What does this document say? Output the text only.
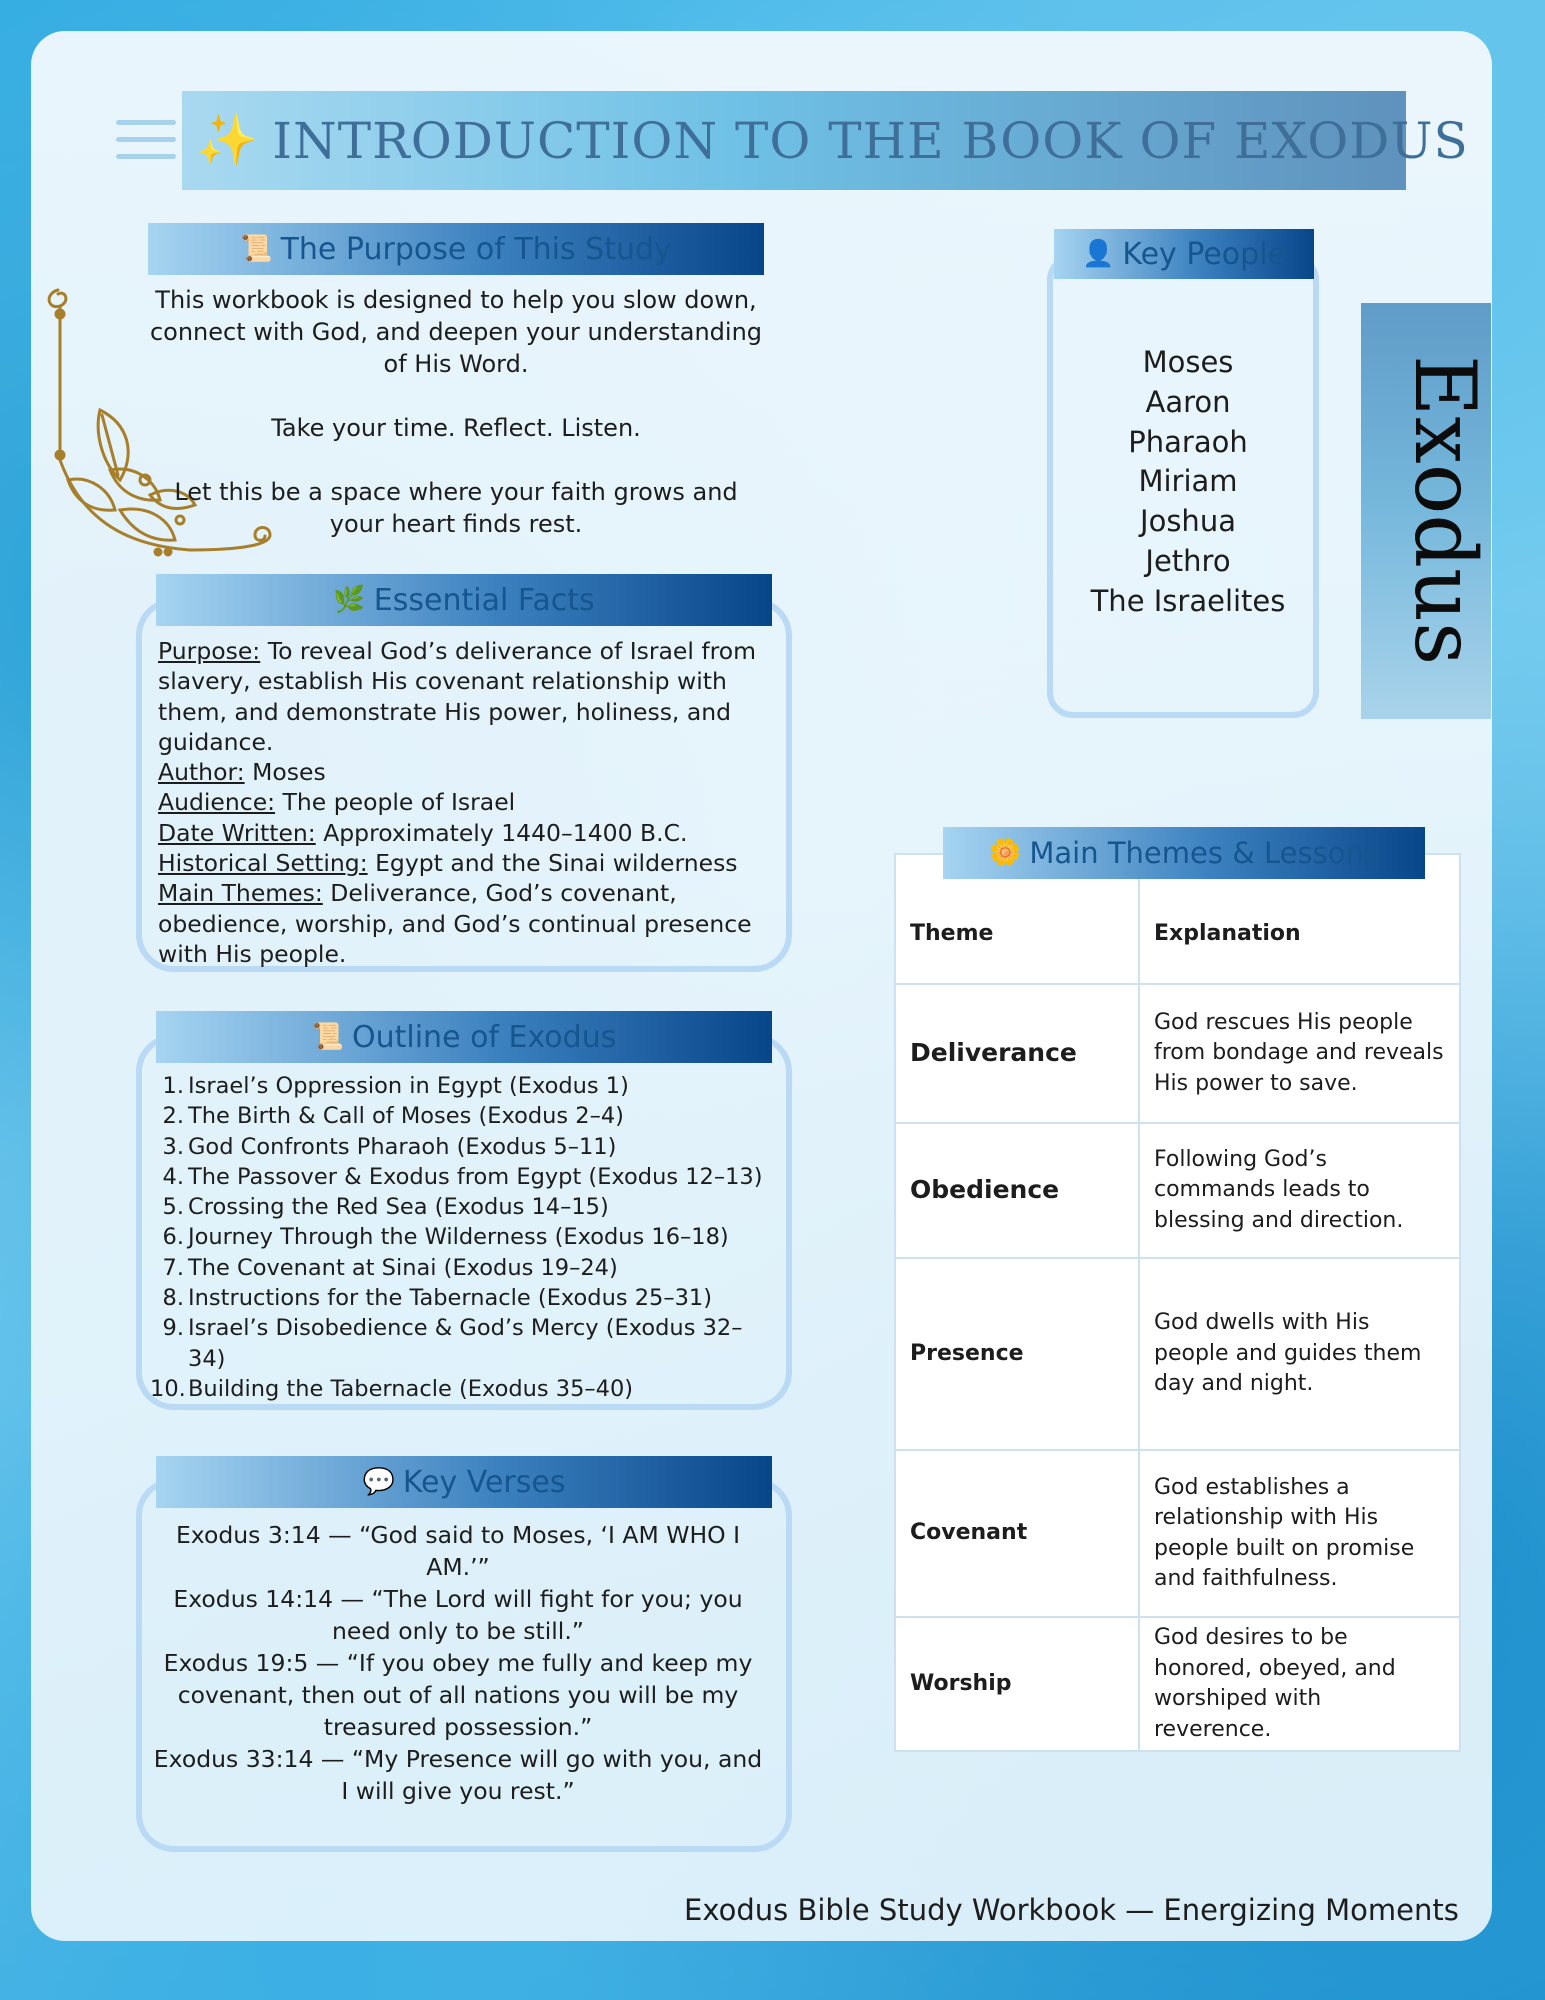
✨ INTRODUCTION TO THE BOOK OF EXODUS
📜 The Purpose of This Study

This workbook is designed to help you slow down, connect with God, and deepen your understanding of His Word.

Take your time. Reflect. Listen.

Let this be a space where your faith grows and your heart finds rest.

🌿 Essential Facts
Purpose: To reveal God’s deliverance of Israel from slavery, establish His covenant relationship with them, and demonstrate His power, holiness, and guidance.
Author: Moses
Audience: The people of Israel
Date Written: Approximately 1440–1400 B.C.
Historical Setting: Egypt and the Sinai wilderness
Main Themes: Deliverance, God’s covenant, obedience, worship, and God’s continual presence with His people.
📜 Outline of Exodus
1. Israel’s Oppression in Egypt (Exodus 1)
2. The Birth & Call of Moses (Exodus 2–4)
3. God Confronts Pharaoh (Exodus 5–11)
4. The Passover & Exodus from Egypt (Exodus 12–13)
5. Crossing the Red Sea (Exodus 14–15)
6. Journey Through the Wilderness (Exodus 16–18)
7. The Covenant at Sinai (Exodus 19–24)
8. Instructions for the Tabernacle (Exodus 25–31)
9. Israel’s Disobedience & God’s Mercy (Exodus 32–34)
10. Building the Tabernacle (Exodus 35–40)
💬 Key Verses

Exodus 3:14 — “God said to Moses, ‘I AM WHO I AM.’”

Exodus 14:14 — “The Lord will fight for you; you need only to be still.”

Exodus 19:5 — “If you obey me fully and keep my covenant, then out of all nations you will be my treasured possession.”

Exodus 33:14 — “My Presence will go with you, and I will give you rest.”

👤 Key People
Moses
Aaron
Pharaoh
Miriam
Joshua
Jethro
The Israelites	Exodus
Theme	Explanation
Deliverance	God rescues His people from bondage and reveals His power to save.
Obedience	Following God’s commands leads to blessing and direction.
Presence	God dwells with His people and guides them day and night.
Covenant	God establishes a relationship with His people built on promise and faithfulness.
Worship	God desires to be honored, obeyed, and worshiped with reverence.
🌼 Main Themes & Lessons
Exodus Bible Study Workbook — Energizing Moments
